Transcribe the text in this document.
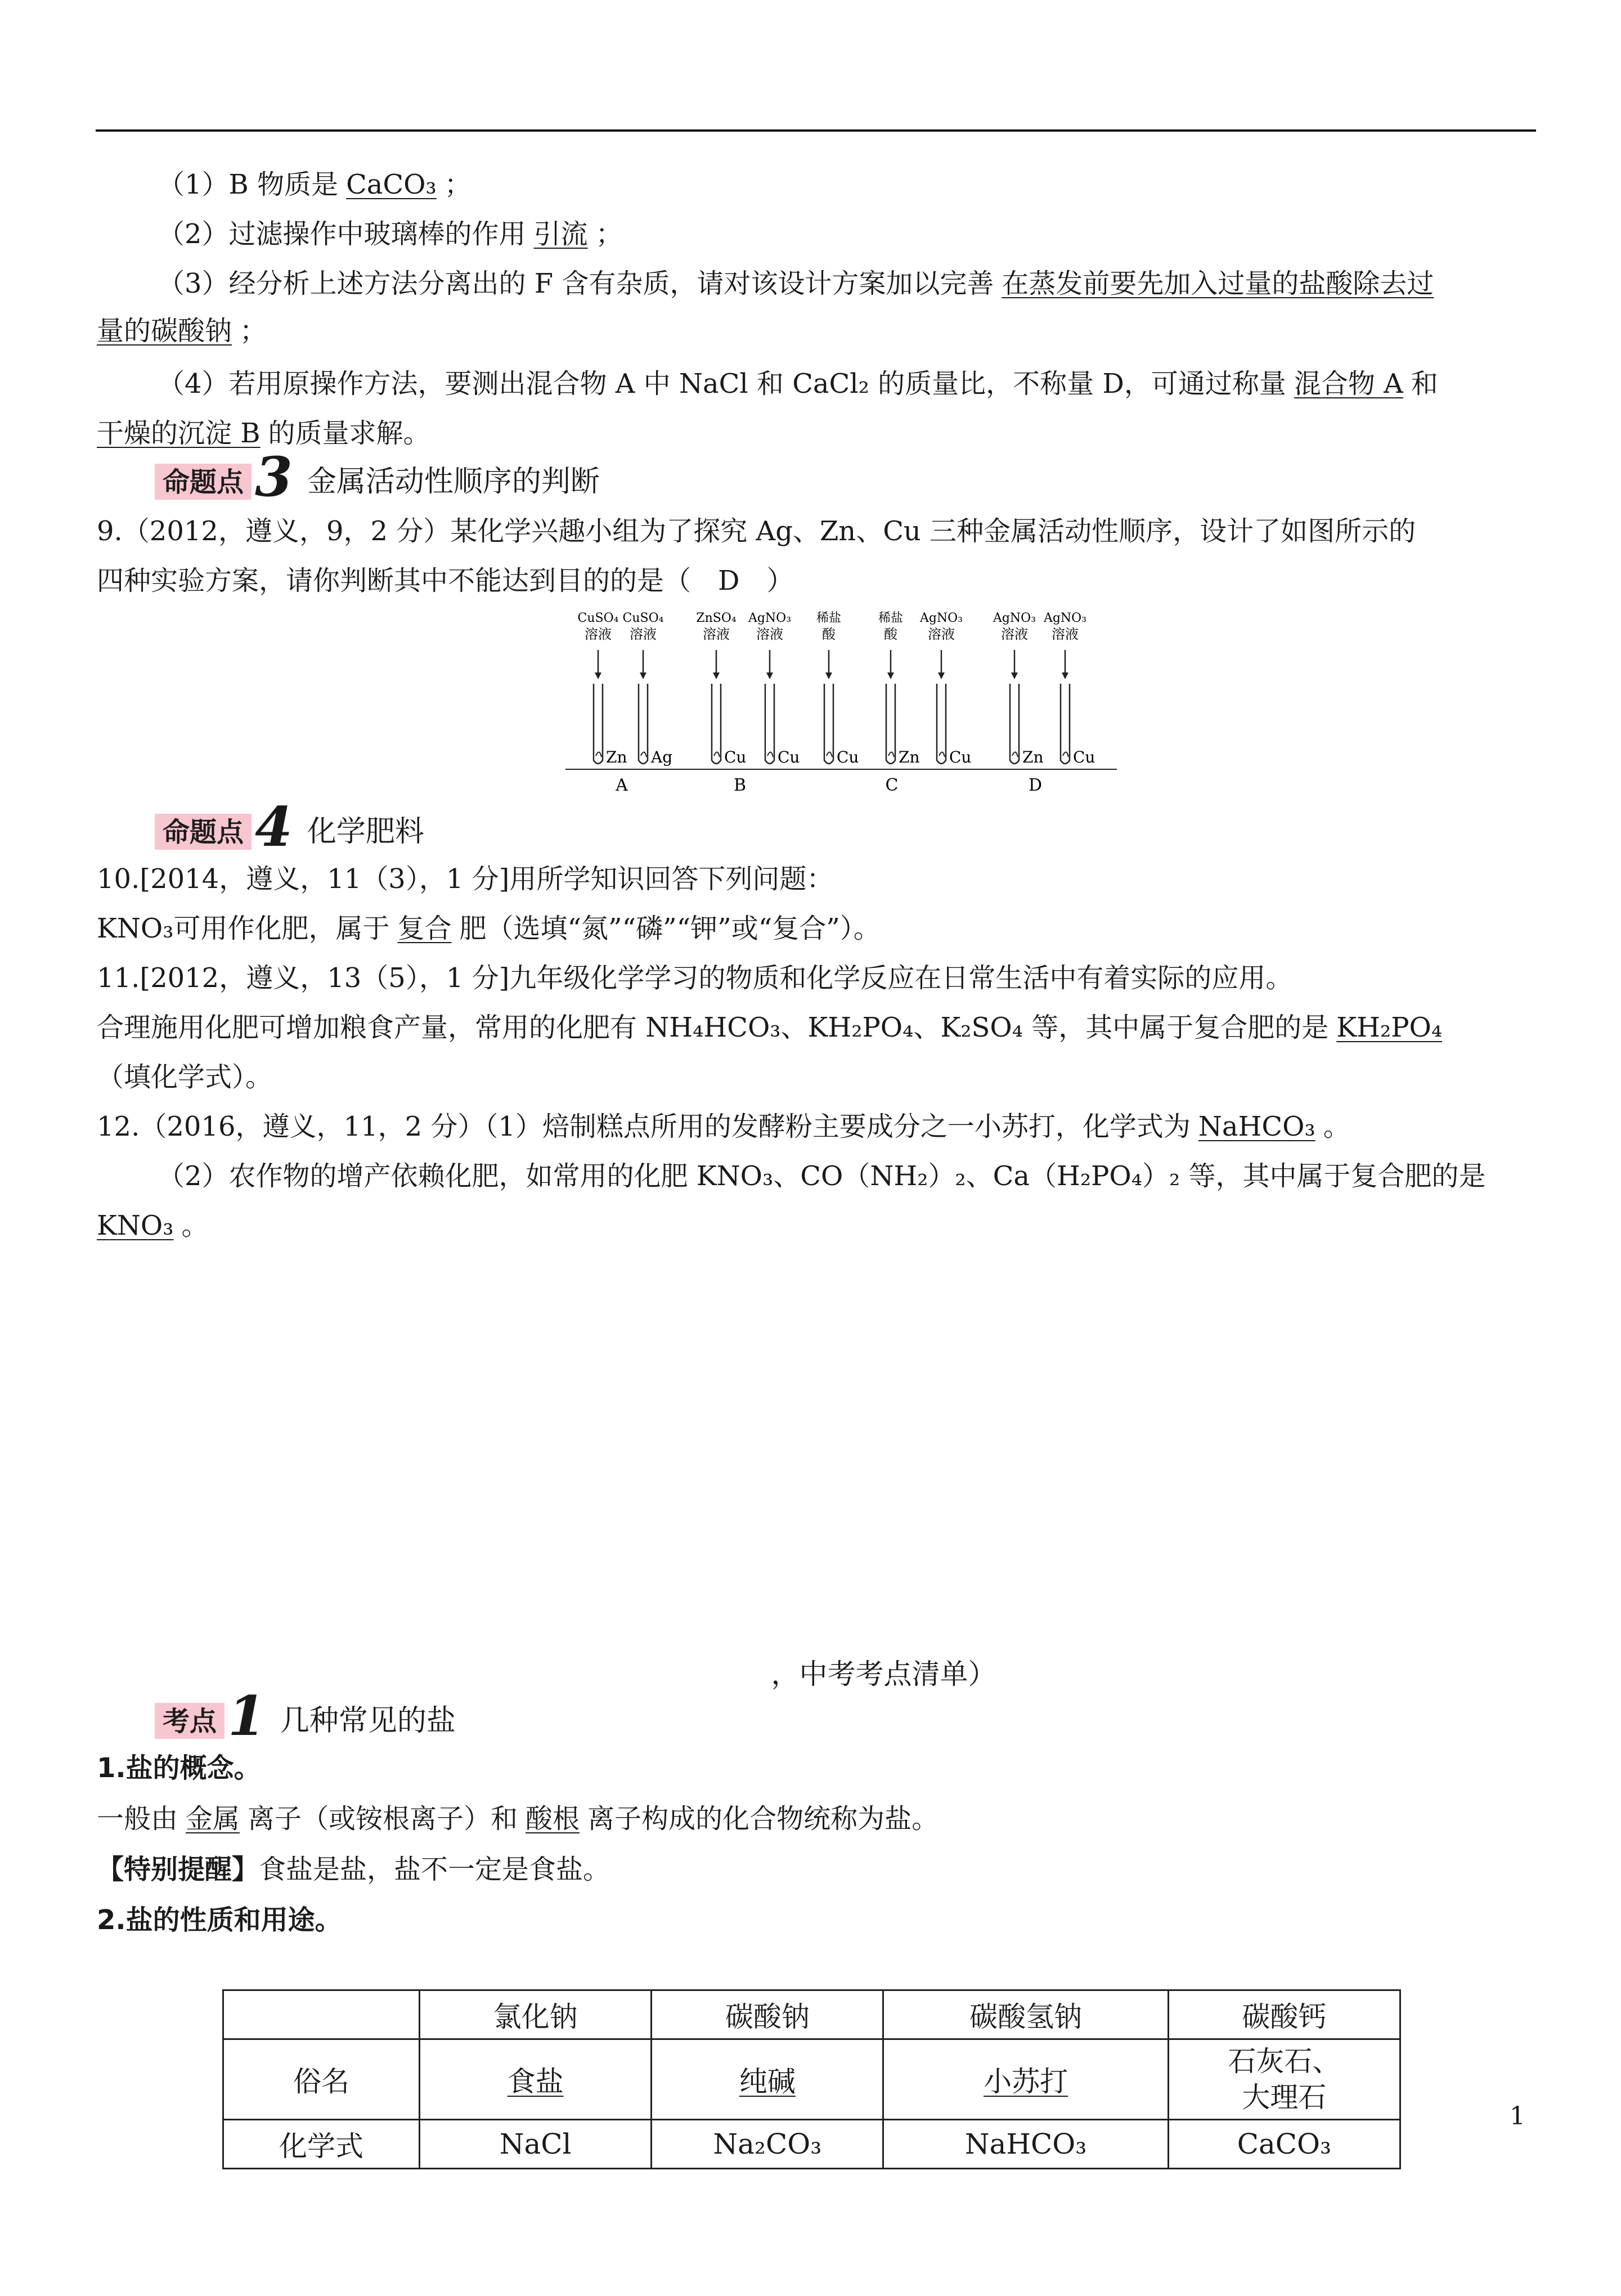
（1）B 物质是 CaCO₃ ；
（2）过滤操作中玻璃棒的作用 引流 ；
（3）经分析上述方法分离出的 F 含有杂质，请对该设计方案加以完善 在蒸发前要先加入过量的盐酸除去过
量的碳酸钠 ；
（4）若用原操作方法，要测出混合物 A 中 NaCl 和 CaCl₂ 的质量比，不称量 D，可通过称量 混合物 A 和
干燥的沉淀 B 的质量求解。
命题点 3 金属活动性顺序的判断
9.（2012，遵义，9，2 分）某化学兴趣小组为了探究 Ag、Zn、Cu 三种金属活动性顺序，设计了如图所示的
四种实验方案，请你判断其中不能达到目的的是（　D　）
CuSO₄
溶液
Zn
CuSO₄
溶液
Ag
ZnSO₄
溶液
Cu
AgNO₃
溶液
Cu
稀盐
酸
Cu
稀盐
酸
Zn
AgNO₃
溶液
Cu
AgNO₃
溶液
Zn
AgNO₃
溶液
Cu
A	B	C	D
命题点 4 化学肥料
10.[2014，遵义，11（3），1 分]用所学知识回答下列问题：
KNO₃可用作化肥，属于 复合 肥（选填“氮”“磷”“钾”或“复合”）。
11.[2012，遵义，13（5），1 分]九年级化学学习的物质和化学反应在日常生活中有着实际的应用。
合理施用化肥可增加粮食产量，常用的化肥有 NH₄HCO₃、KH₂PO₄、K₂SO₄ 等，其中属于复合肥的是 KH₂PO₄
（填化学式）。
12.（2016，遵义，11，2 分）（1）焙制糕点所用的发酵粉主要成分之一小苏打，化学式为 NaHCO₃ 。
（2）农作物的增产依赖化肥，如常用的化肥 KNO₃、CO（NH₂）₂、Ca（H₂PO₄）₂ 等，其中属于复合肥的是
KNO₃ 。
，中考考点清单）
考点 1 几种常见的盐
1.盐的概念。
一般由 金属 离子（或铵根离子）和 酸根 离子构成的化合物统称为盐。
【特别提醒】食盐是盐，盐不一定是食盐。
2.盐的性质和用途。
	氯化钠	碳酸钠	碳酸氢钠	碳酸钙
俗名	食盐	纯碱	小苏打	石灰石、
大理石
化学式	NaCl	Na₂CO₃	NaHCO₃	CaCO₃
1
